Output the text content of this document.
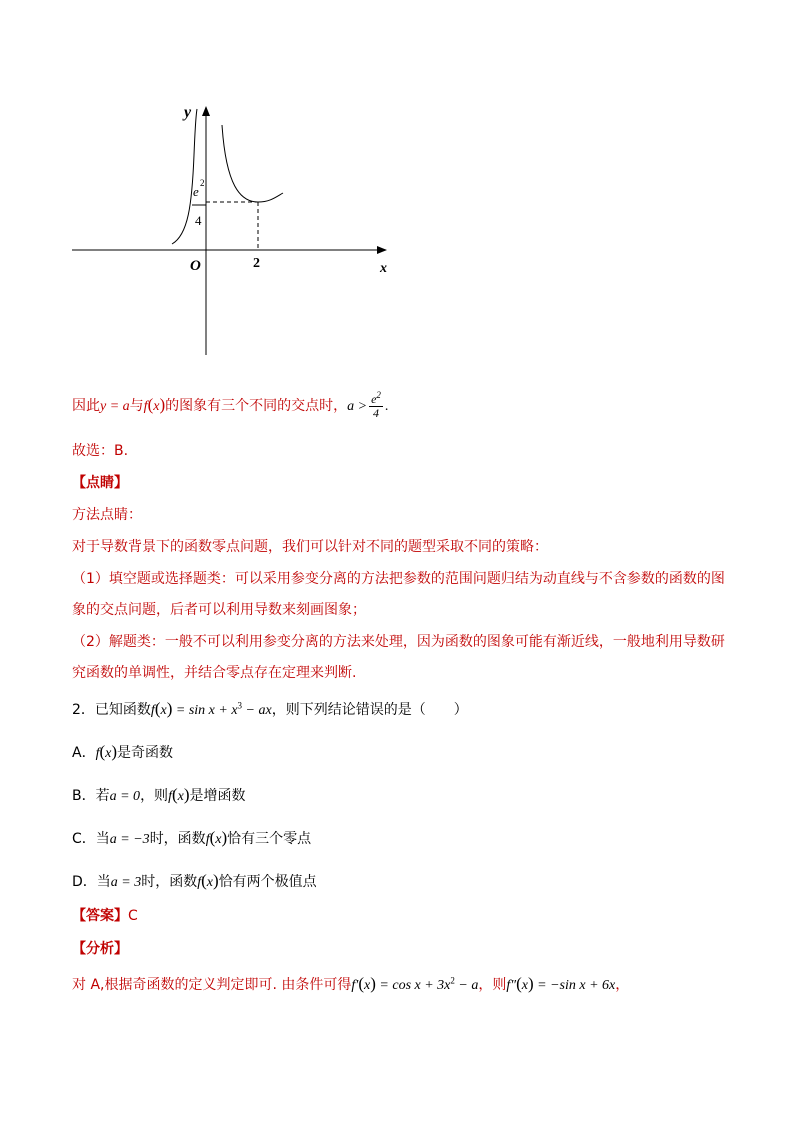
y
x
O	2
e
2
4
因此y = a与f(x)的图象有三个不同的交点时，$a > \frac{e^2}{4}$ .
故选：B.
【点睛】
方法点睛：
对于导数背景下的函数零点问题，我们可以针对不同的题型采取不同的策略：
（1）填空题或选择题类：可以采用参变分离的方法把参数的范围问题归结为动直线与不含参数的函数的图
象的交点问题，后者可以利用导数来刻画图象；
（2）解题类：一般不可以利用参变分离的方法来处理，因为函数的图象可能有渐近线，一般地利用导数研
究函数的单调性，并结合零点存在定理来判断.
2．已知函数$f(x) = \sin x + x^3$ − ax，则下列结论错误的是（　　）
A．f(x)是奇函数
B．若a = 0，则f(x)是增函数
C．当a = −3时，函数f(x)恰有三个零点
D．当a = 3时，函数f(x)恰有两个极值点
【答案】C
【分析】
对 A,根据奇函数的定义判定即可. 由条件可得$f'(x) = \cos x + 3x^2 - a$，则f″(x) = −sin x + 6x，
